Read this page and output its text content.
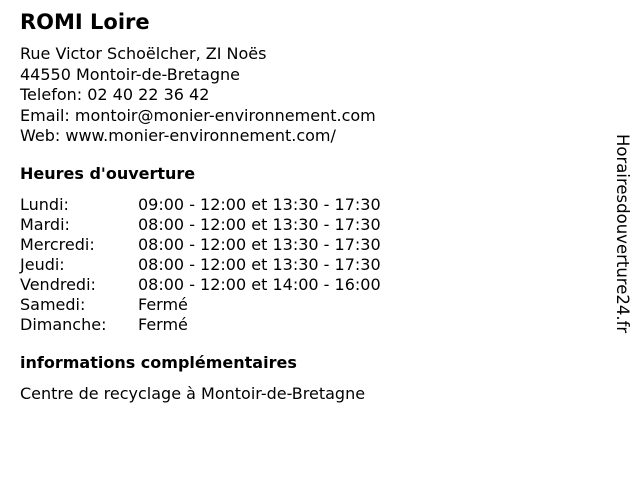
ROMI Loire
Rue Victor Schoëlcher, ZI Noës
44550 Montoir-de-Bretagne
Telefon: 02 40 22 36 42
Email: montoir@monier-environnement.com
Web: www.monier-environnement.com/
Heures d'ouverture
Lundi:	09:00 - 12:00 et 13:30 - 17:30
Mardi:	08:00 - 12:00 et 13:30 - 17:30
Mercredi:	08:00 - 12:00 et 13:30 - 17:30
Jeudi:	08:00 - 12:00 et 13:30 - 17:30
Vendredi:	08:00 - 12:00 et 14:00 - 16:00
Samedi:	Fermé
Dimanche: Fermé
informations complémentaires
Centre de recyclage à Montoir-de-Bretagne
Horairesdouverture24.fr
